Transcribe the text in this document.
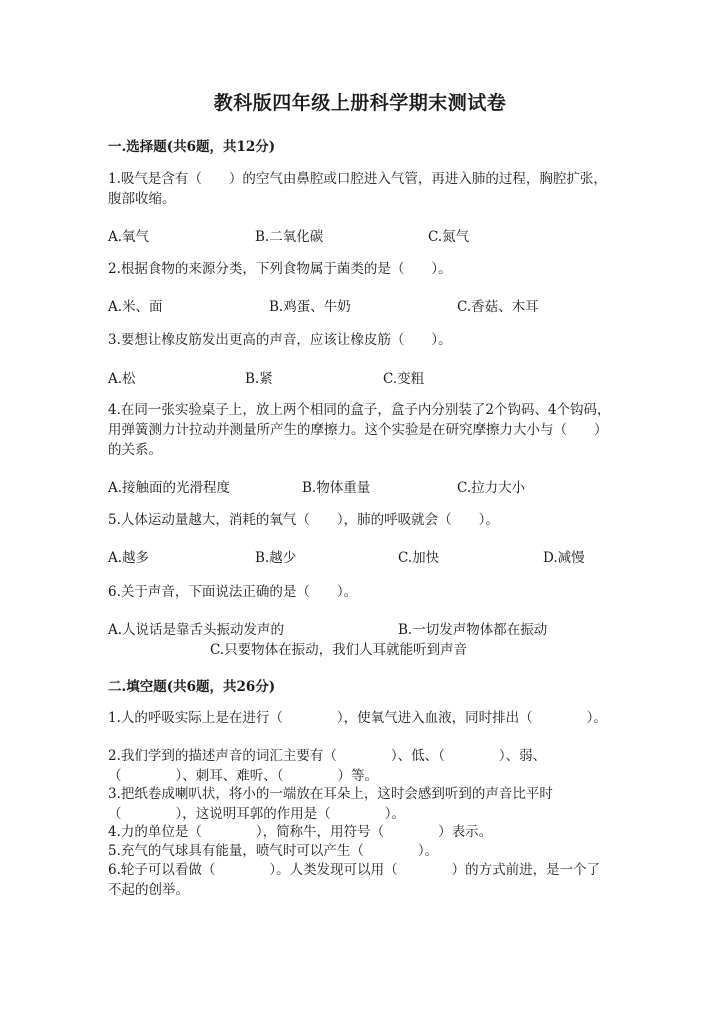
教科版四年级上册科学期末测试卷
一.选择题(共6题，共12分)
1.吸气是含有（　　）的空气由鼻腔或口腔进入气管，再进入肺的过程，胸腔扩张，腹部收缩。
A.氧气	B.二氧化碳	C.氮气
2.根据食物的来源分类，下列食物属于菌类的是（　　）。
A.米、面	B.鸡蛋、牛奶	C.香菇、木耳
3.要想让橡皮筋发出更高的声音，应该让橡皮筋（　　）。
A.松	B.紧	C.变粗
4.在同一张实验桌子上，放上两个相同的盒子，盒子内分别装了2个钩码、4个钩码，用弹簧测力计拉动并测量所产生的摩擦力。这个实验是在研究摩擦力大小与（　　）的关系。
A.接触面的光滑程度	B.物体重量	C.拉力大小
5.人体运动量越大，消耗的氧气（　　），肺的呼吸就会（　　）。
A.越多	B.越少	C.加快	D.减慢
6.关于声音，下面说法正确的是（　　）。
A.人说话是靠舌头振动发声的	B.一切发声物体都在振动
C.只要物体在振动，我们人耳就能听到声音
二.填空题(共6题，共26分)
1.人的呼吸实际上是在进行（　　　　），使氧气进入血液，同时排出（　　　　）。
2.我们学到的描述声音的词汇主要有（　　　　）、低、（　　　　）、弱、（　　　　）、刺耳、难听、（　　　　）等。
3.把纸卷成喇叭状，将小的一端放在耳朵上，这时会感到听到的声音比平时（　　　　），这说明耳郭的作用是（　　　　）。
4.力的单位是（　　　　），简称牛，用符号（　　　　）表示。
5.充气的气球具有能量，喷气时可以产生（　　　　）。
6.轮子可以看做（　　　　）。人类发现可以用（　　　　）的方式前进，是一个了不起的创举。
